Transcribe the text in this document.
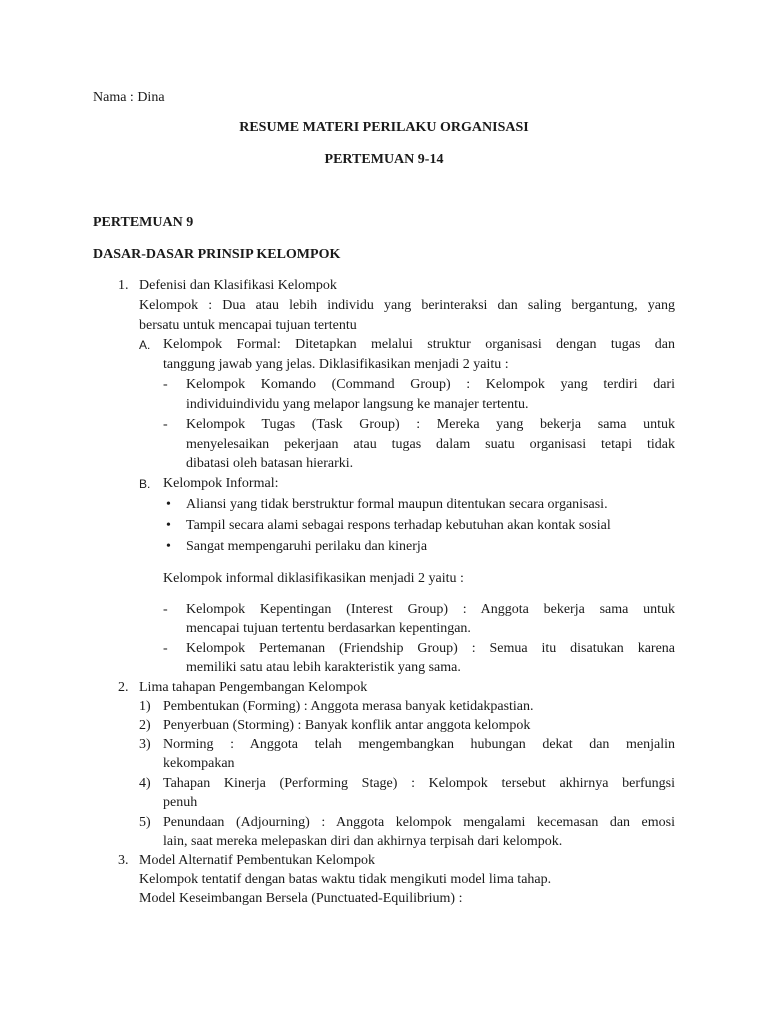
Nama : Dina
RESUME MATERI PERILAKU ORGANISASI
PERTEMUAN 9-14
PERTEMUAN 9
DASAR-DASAR PRINSIP KELOMPOK
1. Defenisi dan Klasifikasi Kelompok
Kelompok : Dua atau lebih individu yang berinteraksi dan saling bergantung, yang
bersatu untuk mencapai tujuan tertentu
A. Kelompok Formal: Ditetapkan melalui struktur organisasi dengan tugas dan
tanggung jawab yang jelas. Diklasifikasikan menjadi 2 yaitu :
- Kelompok Komando (Command Group) : Kelompok yang terdiri dari
individuindividu yang melapor langsung ke manajer tertentu.
- Kelompok Tugas (Task Group) : Mereka yang bekerja sama untuk
menyelesaikan pekerjaan atau tugas dalam suatu organisasi tetapi tidak
dibatasi oleh batasan hierarki.
B. Kelompok Informal:
• Aliansi yang tidak berstruktur formal maupun ditentukan secara organisasi.
• Tampil secara alami sebagai respons terhadap kebutuhan akan kontak sosial
• Sangat mempengaruhi perilaku dan kinerja
Kelompok informal diklasifikasikan menjadi 2 yaitu :
- Kelompok Kepentingan (Interest Group) : Anggota bekerja sama untuk
mencapai tujuan tertentu berdasarkan kepentingan.
- Kelompok Pertemanan (Friendship Group) : Semua itu disatukan karena
memiliki satu atau lebih karakteristik yang sama.
2. Lima tahapan Pengembangan Kelompok
1) Pembentukan (Forming) : Anggota merasa banyak ketidakpastian.
2) Penyerbuan (Storming) : Banyak konflik antar anggota kelompok
3) Norming : Anggota telah mengembangkan hubungan dekat dan menjalin
kekompakan
4) Tahapan Kinerja (Performing Stage) : Kelompok tersebut akhirnya berfungsi
penuh
5) Penundaan (Adjourning) : Anggota kelompok mengalami kecemasan dan emosi
lain, saat mereka melepaskan diri dan akhirnya terpisah dari kelompok.
3. Model Alternatif Pembentukan Kelompok
Kelompok tentatif dengan batas waktu tidak mengikuti model lima tahap.
Model Keseimbangan Bersela (Punctuated-Equilibrium) :
